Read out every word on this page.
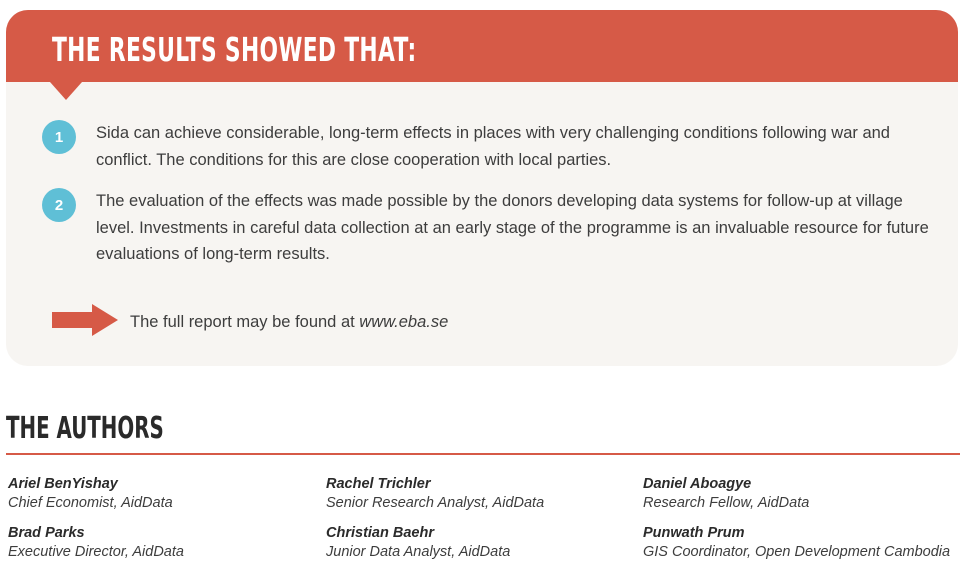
THE RESULTS SHOWED THAT:
1	Sida can achieve considerable, long-term effects in places with very challenging conditions following war and conflict. The conditions for this are close cooperation with local parties.
2	The evaluation of the effects was made possible by the donors developing data systems for follow-up at village level. Investments in careful data collection at an early stage of the programme is an invaluable resource for future evaluations of long-term results.
The full report may be found at www.eba.se
THE AUTHORS
Ariel BenYishay
Chief Economist, AidData
Rachel Trichler
Senior Research Analyst, AidData
Daniel Aboagye
Research Fellow, AidData
Brad Parks
Executive Director, AidData
Christian Baehr
Junior Data Analyst, AidData
Punwath Prum
GIS Coordinator, Open Development Cambodia
